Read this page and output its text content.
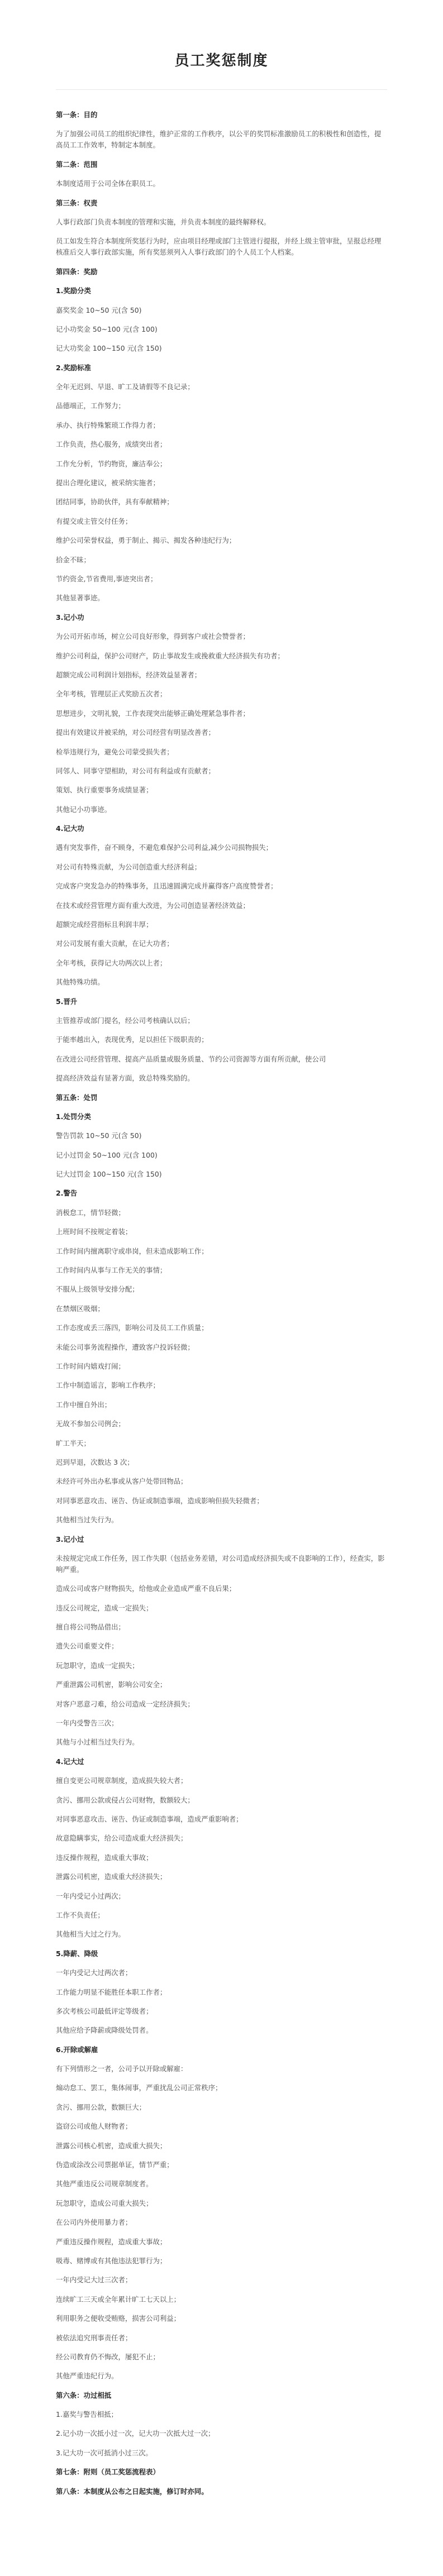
员工奖惩制度
第一条：目的
为了加强公司员工的组织纪律性，维护正常的工作秩序，以公平的奖罚标准激励员工的积极性和创造性，提高员工工作效率，特制定本制度。
第二条：范围
本制度适用于公司全体在职员工。
第三条：权责
人事行政部门负责本制度的管理和实施，并负责本制度的最终解释权。
员工如发生符合本制度所奖惩行为时，应由项目经理或部门主管进行提报，并经上级主管审批，呈报总经理核准后交人事行政部实施，所有奖惩须列入人事行政部门的个人员工个人档案。
第四条：奖励
1.奖励分类
嘉奖奖金 10~50 元(含 50)
记小功奖金 50~100 元(含 100)
记大功奖金 100~150 元(含 150)
2.奖励标准
全年无迟到、早退、旷工及请假等不良记录；
品德端正，工作努力；
承办、执行特殊繁琐工作得力者；
工作负责，热心服务，成绩突出者；
工作允分析，节约物资，廉洁奉公；
提出合理化建议，被采纳实施者；
团结同事，协助伙伴，具有奉献精神；
有提交或主管交付任务；
维护公司荣誉权益，勇于制止、揭示、揭发各种违纪行为；
拾金不昧；
节约资金,节省费用,事迹突出者；
其他显著事迹。
3.记小功
为公司开拓市场，树立公司良好形象，得到客户或社会赞誉者；
维护公司利益，保护公司财产，防止事故发生或挽救重大经济损失有功者；
超额完成公司利润计划指标，经济效益显著者；
全年考核，管理层正式奖励五次者；
思想进步，文明礼貌，工作表现突出能够正确处理紧急事件者；
提出有效建议并被采纳，对公司经营有明显改善者；
检举违规行为，避免公司蒙受损失者；
同邻人、同事守望相助，对公司有利益或有贡献者；
策划、执行重要事务成绩显著；
其他记小功事迹。
4.记大功
遇有突发事件，奋不顾身，不避危难保护公司利益,减少公司损物损失；
对公司有特殊贡献，为公司创造重大经济利益；
完成客户突发急办的特殊事务，且迅速圆满完成并赢得客户高度赞誉者；
在技术或经营管理方面有重大改进，为公司创造显著经济效益；
超额完成经营指标且利润丰厚；
对公司发展有重大贡献，在记大功者；
全年考核，获得记大功两次以上者；
其他特殊功绩。
5.晋升
主管推荐或部门提名，经公司考核确认以后；
于能率越出入，表现优秀，足以担任下级职责的；
在改进公司经营管理、提高产品质量或服务质量、节约公司资源等方面有所贡献，使公司
提高经济效益有显著方面，致总特殊奖励的。
第五条：处罚
1.处罚分类
警告罚款 10~50 元(含 50)
记小过罚金 50~100 元(含 100)
记大过罚金 100~150 元(含 150)
2.警告
消极怠工，情节轻微；
上班时间不按规定着装；
工作时间内擅离职守或串岗，但未造成影响工作；
工作时间内从事与工作无关的事情；
不服从上级领导安排分配；
在禁烟区吸烟；
工作态度或丢三落四，影响公司及员工工作质量；
未能公司事务流程操作，遭致客户投诉轻微；
工作时间内嬉戏打闹；
工作中制造谣言，影响工作秩序；
工作中擅自外出；
无故不参加公司例会；
旷工半天；
迟到早退，次数达 3 次；
未经许可外出办私事或从客户处带回物品；
对同事恶意攻击、诬告、伪证或制造事端，造成影响但损失轻微者；
其他相当过失行为。
3.记小过
未按规定完成工作任务，因工作失职（包括业务差错，对公司造成经济损失或不良影响的工作），经查实，影响严重。
造成公司或客户财物损失，给他或企业造成严重不良后果；
违反公司规定，造成一定损失；
擅自将公司物品借出；
遗失公司重要文件；
玩忽职守，造成一定损失；
严重泄露公司机密，影响公司安全；
对客户恶意刁难，给公司造成一定经济损失；
一年内受警告三次；
其他与小过相当过失行为。
4.记大过
擅自变更公司规章制度，造成损失较大者；
贪污、挪用公款或侵占公司财物，数额较大；
对同事恶意攻击、诬告、伪证或制造事端，造成严重影响者；
故意隐瞒事实，给公司造成重大经济损失；
违反操作规程，造成重大事故；
泄露公司机密，造成重大经济损失；
一年内受记小过两次；
工作不负责任；
其他相当大过之行为。
5.降薪、降级
一年内受记大过两次者；
工作能力明显不能胜任本职工作者；
多次考核公司最低评定等级者；
其他应给予降薪或降级处罚者。
6.开除或解雇
有下列情形之一者，公司予以开除或解雇：
煽动怠工、罢工，集体闹事，严重扰乱公司正常秩序；
贪污、挪用公款，数额巨大；
盗窃公司或他人财物者；
泄露公司核心机密，造成重大损失；
伪造或涂改公司票据单证，情节严重；
其他严重违反公司规章制度者。
玩忽职守，造成公司重大损失；
在公司内外使用暴力者；
严重违反操作规程，造成重大事故；
吸毒、赌博或有其他违法犯罪行为；
一年内受记大过三次者；
连续旷工三天或全年累计旷工七天以上；
利用职务之便收受贿赂，损害公司利益；
被依法追究刑事责任者；
经公司教育仍不悔改，屡犯不止；
其他严重违纪行为。
第六条：功过相抵
1.嘉奖与警告相抵；
2.记小功一次抵小过一次，记大功一次抵大过一次；
3.记大功一次可抵消小过三次。
第七条：附则（员工奖惩流程表）
第八条：本制度从公布之日起实施，修订时亦同。
